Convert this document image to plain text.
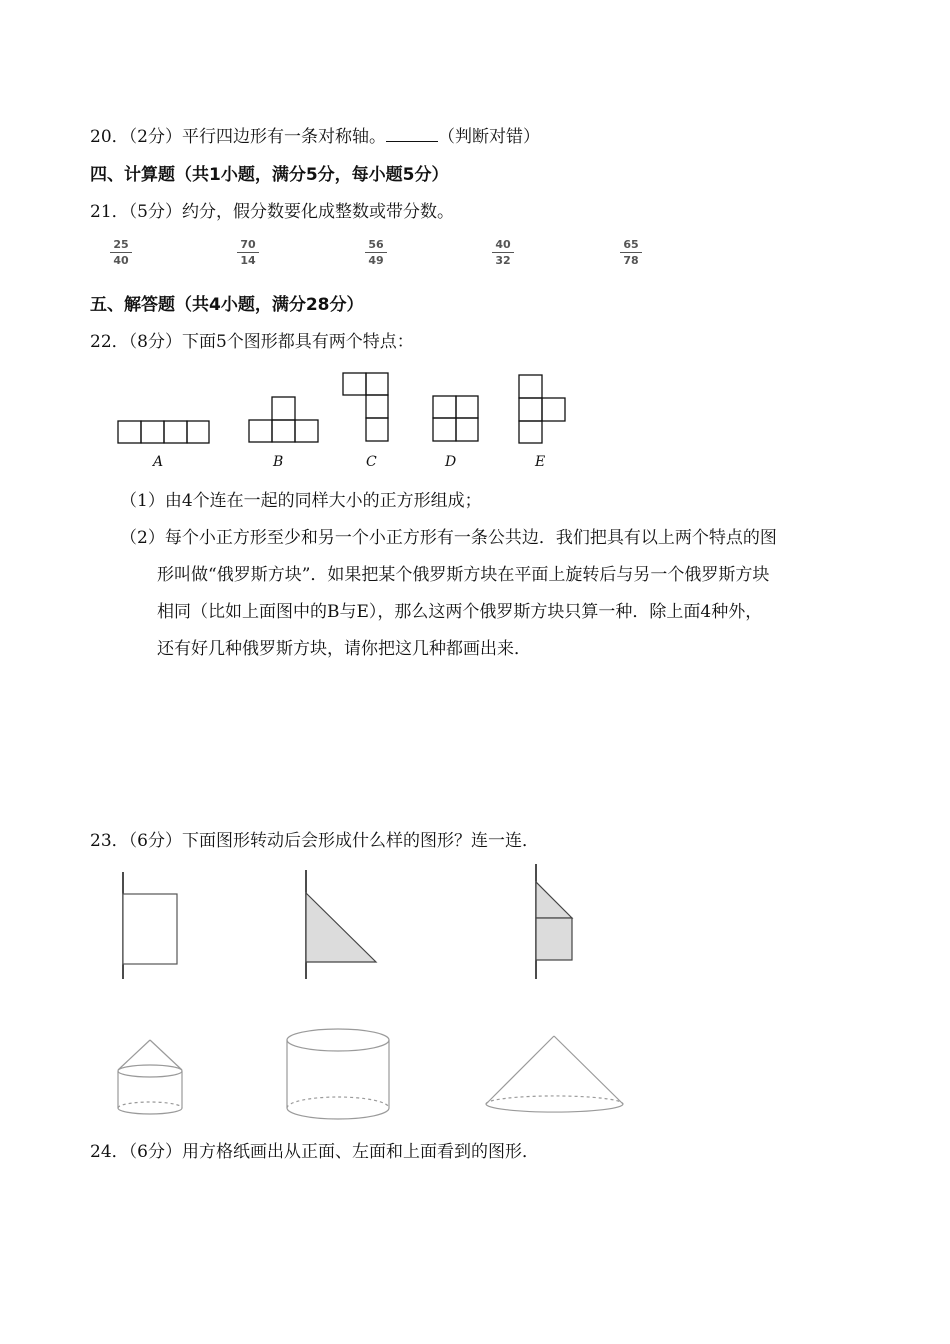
20．（2分）平行四边形有一条对称轴。	（判断对错）
四、计算题（共1小题，满分5分，每小题5分）
21．（5分）约分，假分数要化成整数或带分数。
25
40
70
14
56
49
40
32
65
78
五、解答题（共4小题，满分28分）
22．（8分）下面5个图形都具有两个特点：
A	B	C	D	E
（1）由4个连在一起的同样大小的正方形组成；
（2）每个小正方形至少和另一个小正方形有一条公共边．我们把具有以上两个特点的图
形叫做“俄罗斯方块”．如果把某个俄罗斯方块在平面上旋转后与另一个俄罗斯方块
相同（比如上面图中的B与E），那么这两个俄罗斯方块只算一种．除上面4种外，
还有好几种俄罗斯方块，请你把这几种都画出来．
23．（6分）下面图形转动后会形成什么样的图形？连一连．
24．（6分）用方格纸画出从正面、左面和上面看到的图形．
